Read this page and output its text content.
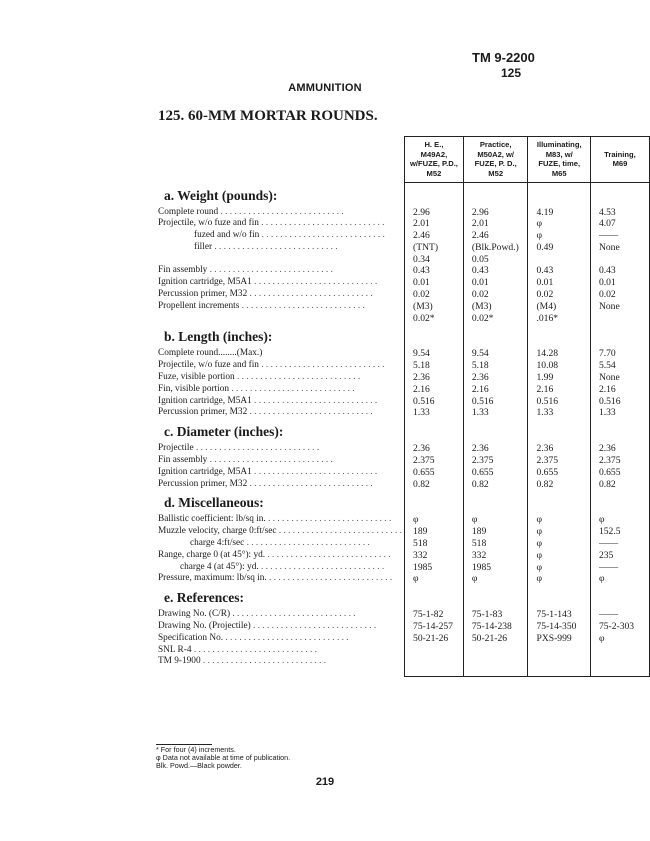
TM 9-2200
125
AMMUNITION
125. 60-MM MORTAR ROUNDS.
	H. E.,
M49A2,
w/FUZE, P.D.,
M52	Practice,
M50A2, w/
FUZE, P. D.,
M52	Illuminating,
M83, w/
FUZE, time,
M65	Training,
M69
a. Weight (pounds):				
Complete round . . . . . . . . . . . . . . . . . . . . . . . . . . .	2.96	2.96	4.19	4.53
Projectile, w/o fuze and fin . . . . . . . . . . . . . . . . . . . . . . . . . . .	2.01	2.01	φ	4.07
fuzed and w/o fin . . . . . . . . . . . . . . . . . . . . . . . . . . .	2.46	2.46	φ	——
filler . . . . . . . . . . . . . . . . . . . . . . . . . . .	(TNT)	(Blk.Powd.)	0.49	None
	0.34	0.05		
Fin assembly . . . . . . . . . . . . . . . . . . . . . . . . . . .	0.43	0.43	0.43	0.43
Ignition cartridge, M5A1 . . . . . . . . . . . . . . . . . . . . . . . . . . .	0.01	0.01	0.01	0.01
Percussion primer, M32 . . . . . . . . . . . . . . . . . . . . . . . . . . .	0.02	0.02	0.02	0.02
Propellent increments . . . . . . . . . . . . . . . . . . . . . . . . . . .	(M3)	(M3)	(M4)	None
	0.02*	0.02*	.016*	
b. Length (inches):				
Complete round........(Max.)	9.54	9.54	14.28	7.70
Projectile, w/o fuze and fin . . . . . . . . . . . . . . . . . . . . . . . . . . .	5.18	5.18	10.08	5.54
Fuze, visible portion . . . . . . . . . . . . . . . . . . . . . . . . . . .	2.36	2.36	1.99	None
Fin, visible portion . . . . . . . . . . . . . . . . . . . . . . . . . . .	2.16	2.16	2.16	2.16
Ignition cartridge, M5A1 . . . . . . . . . . . . . . . . . . . . . . . . . . .	0.516	0.516	0.516	0.516
Percussion primer, M32 . . . . . . . . . . . . . . . . . . . . . . . . . . .	1.33	1.33	1.33	1.33
c. Diameter (inches):				
Projectile . . . . . . . . . . . . . . . . . . . . . . . . . . .	2.36	2.36	2.36	2.36
Fin assembly . . . . . . . . . . . . . . . . . . . . . . . . . . .	2.375	2.375	2.375	2.375
Ignition cartridge, M5A1 . . . . . . . . . . . . . . . . . . . . . . . . . . .	0.655	0.655	0.655	0.655
Percussion primer, M32 . . . . . . . . . . . . . . . . . . . . . . . . . . .	0.82	0.82	0.82	0.82
d. Miscellaneous:				
Ballistic coefficient: lb/sq in. . . . . . . . . . . . . . . . . . . . . . . . . . . .	φ	φ	φ	φ
Muzzle velocity, charge 0:ft/sec . . . . . . . . . . . . . . . . . . . . . . . . . . .	189	189	φ	152.5
charge 4:ft/sec . . . . . . . . . . . . . . . . . . . . . . . . . . .	518	518	φ	——
Range, charge 0 (at 45°): yd. . . . . . . . . . . . . . . . . . . . . . . . . . . .	332	332	φ	235
charge 4 (at 45°): yd. . . . . . . . . . . . . . . . . . . . . . . . . . . .	1985	1985	φ	——
Pressure, maximum: lb/sq in. . . . . . . . . . . . . . . . . . . . . . . . . . . .	φ	φ	φ	φ
e. References:				
Drawing No. (C/R) . . . . . . . . . . . . . . . . . . . . . . . . . . .	75-1-82	75-1-83	75-1-143	——
Drawing No. (Projectile) . . . . . . . . . . . . . . . . . . . . . . . . . . .	75-14-257	75-14-238	75-14-350	75-2-303
Specification No. . . . . . . . . . . . . . . . . . . . . . . . . . . .	50-21-26	50-21-26	PXS-999	φ
SNL R-4 . . . . . . . . . . . . . . . . . . . . . . . . . . .				
TM 9-1900 . . . . . . . . . . . . . . . . . . . . . . . . . . .				

* For four (4) increments.
φ Data not available at time of publication.
Blk. Powd.—Black powder.
219
